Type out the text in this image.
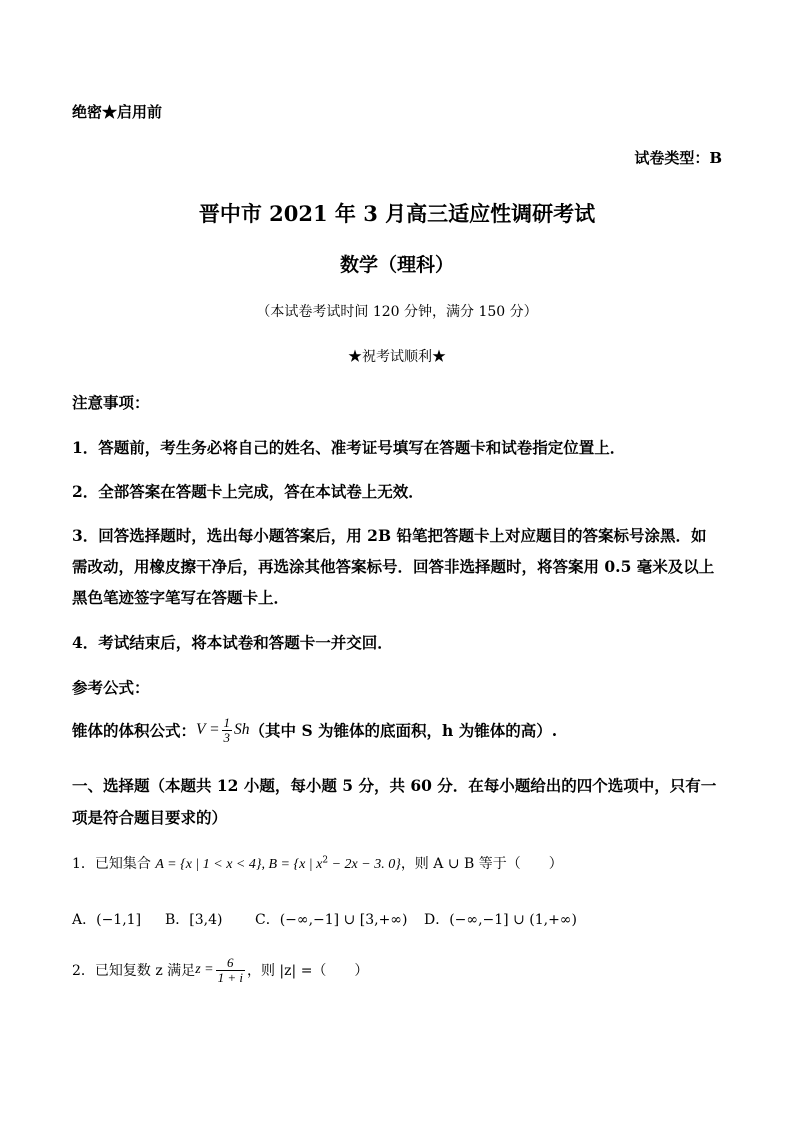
绝密★启用前
试卷类型：B
晋中市 2021 年 3 月高三适应性调研考试
数学（理科）
（本试卷考试时间 120 分钟，满分 150 分）
★祝考试顺利★
注意事项：
1．答题前，考生务必将自己的姓名、准考证号填写在答题卡和试卷指定位置上．
2．全部答案在答题卡上完成，答在本试卷上无效．
3．回答选择题时，选出每小题答案后，用 2B 铅笔把答题卡上对应题目的答案标号涂黑．如
需改动，用橡皮擦干净后，再选涂其他答案标号．回答非选择题时，将答案用 0.5 毫米及以上
黑色笔迹签字笔写在答题卡上．
4．考试结束后，将本试卷和答题卡一并交回．
参考公式：
锥体的体积公式： $V = \frac{1}{3}$ Sh （其中 S 为锥体的底面积，h 为锥体的高）.
一、选择题（本题共 12 小题，每小题 5 分，共 60 分．在每小题给出的四个选项中，只有一
项是符合题目要求的）
1．已知集合 A = {x | 1 < x < 4}, B = {x | $x^2 - 2x - 3$. 0}，则 A ∪ B 等于（　　）
A．(−1,1] B．[3,4) C．(−∞,−1] ∪ [3,+∞) D．(−∞,−1] ∪ (1,+∞)
2．已知复数 z 满足 $z = \frac{6}{1 + i}$ ，则 |z| =（　　）
